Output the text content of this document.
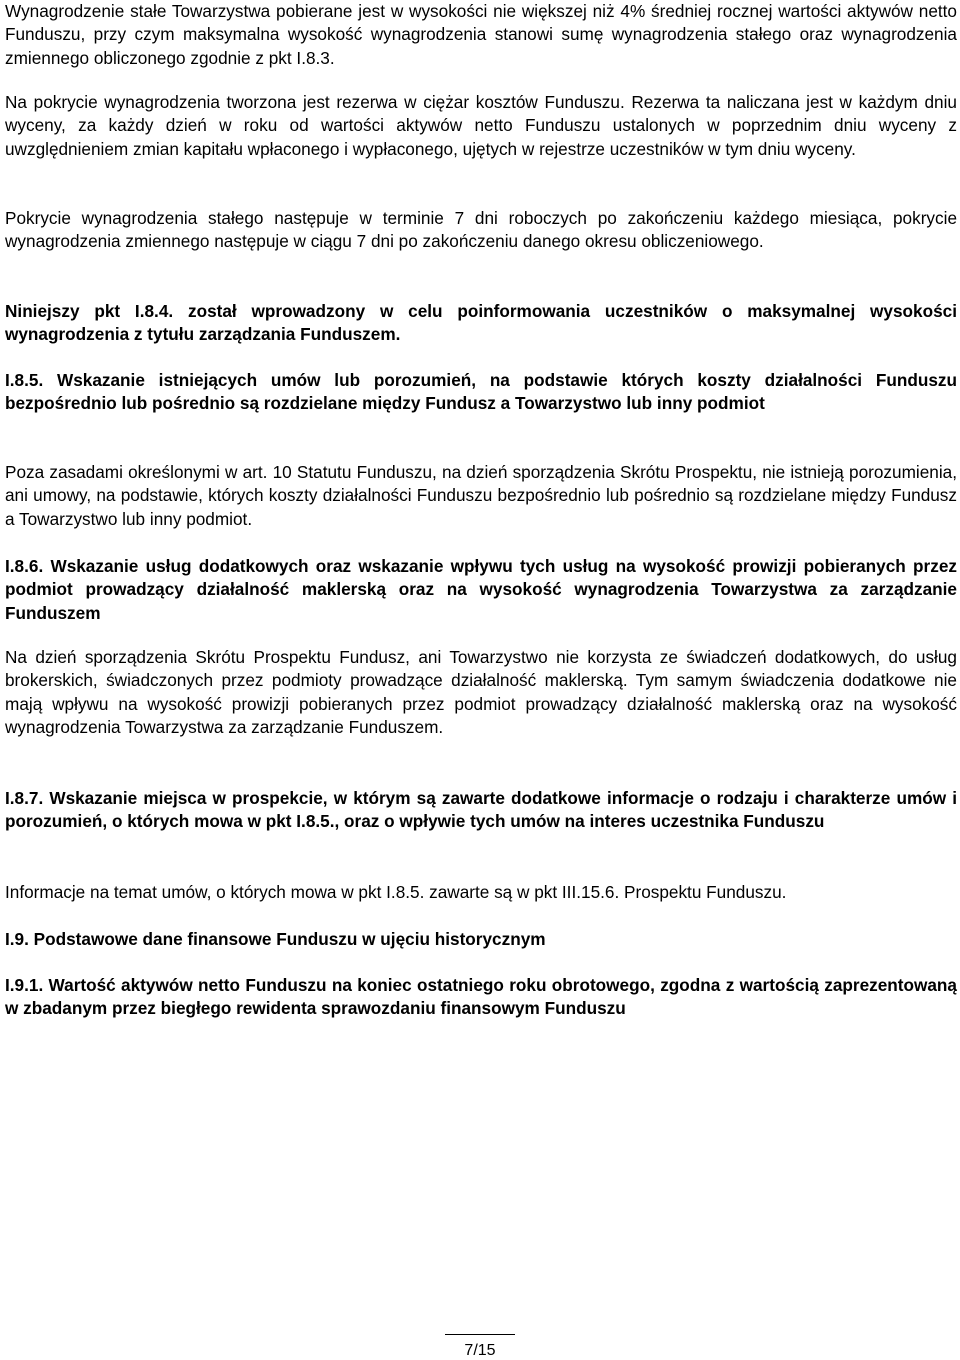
Wynagrodzenie stałe Towarzystwa pobierane jest w wysokości nie większej niż 4% średniej rocznej wartości aktywów netto Funduszu, przy czym maksymalna wysokość wynagrodzenia stanowi sumę wynagrodzenia stałego oraz wynagrodzenia zmiennego obliczonego zgodnie z pkt I.8.3.

Na pokrycie wynagrodzenia tworzona jest rezerwa w ciężar kosztów Funduszu. Rezerwa ta naliczana jest w każdym dniu wyceny, za każdy dzień w roku od wartości aktywów netto Funduszu ustalonych w poprzednim dniu wyceny z uwzględnieniem zmian kapitału wpłaconego i wypłaconego, ujętych w rejestrze uczestników w tym dniu wyceny.

Pokrycie wynagrodzenia stałego następuje w terminie 7 dni roboczych po zakończeniu każdego miesiąca, pokrycie wynagrodzenia zmiennego następuje w ciągu 7 dni po zakończeniu danego okresu obliczeniowego.

Niniejszy pkt I.8.4. został wprowadzony w celu poinformowania uczestników o maksymalnej wysokości wynagrodzenia z tytułu zarządzania Funduszem.

I.8.5. Wskazanie istniejących umów lub porozumień, na podstawie których koszty działalności Funduszu bezpośrednio lub pośrednio są rozdzielane między Fundusz a Towarzystwo lub inny podmiot

Poza zasadami określonymi w art. 10 Statutu Funduszu, na dzień sporządzenia Skrótu Prospektu, nie istnieją porozumienia, ani umowy, na podstawie, których koszty działalności Funduszu bezpośrednio lub pośrednio są rozdzielane między Fundusz a Towarzystwo lub inny podmiot.

I.8.6. Wskazanie usług dodatkowych oraz wskazanie wpływu tych usług na wysokość prowizji pobieranych przez podmiot prowadzący działalność maklerską oraz na wysokość wynagrodzenia Towarzystwa za zarządzanie Funduszem

Na dzień sporządzenia Skrótu Prospektu Fundusz, ani Towarzystwo nie korzysta ze świadczeń dodatkowych, do usług brokerskich, świadczonych przez podmioty prowadzące działalność maklerską. Tym samym świadczenia dodatkowe nie mają wpływu na wysokość prowizji pobieranych przez podmiot prowadzący działalność maklerską oraz na wysokość wynagrodzenia Towarzystwa za zarządzanie Funduszem.

I.8.7. Wskazanie miejsca w prospekcie, w którym są zawarte dodatkowe informacje o rodzaju i charakterze umów i porozumień, o których mowa w pkt I.8.5., oraz o wpływie tych umów na interes uczestnika Funduszu

Informacje na temat umów, o których mowa w pkt I.8.5. zawarte są w pkt III.15.6. Prospektu Funduszu.

I.9. Podstawowe dane finansowe Funduszu w ujęciu historycznym

I.9.1. Wartość aktywów netto Funduszu na koniec ostatniego roku obrotowego, zgodna z wartością zaprezentowaną w zbadanym przez biegłego rewidenta sprawozdaniu finansowym Funduszu

7/15
